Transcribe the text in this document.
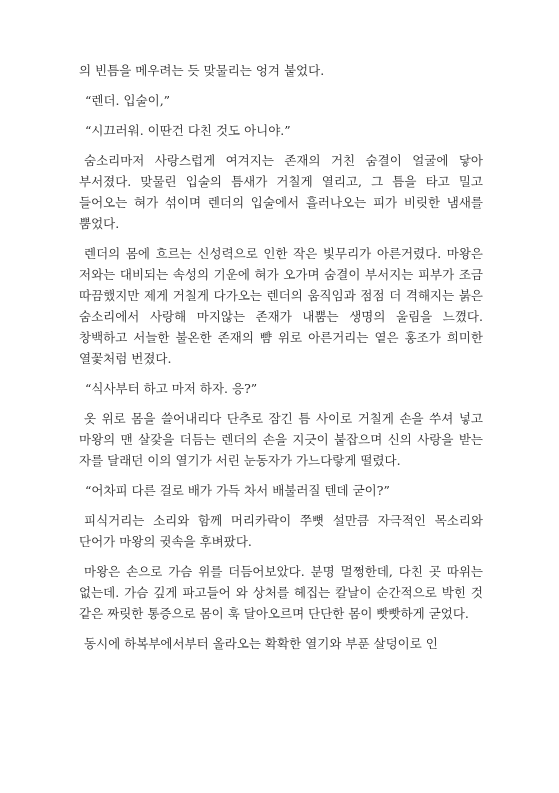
의 빈틈을 메우려는 듯 맞물리는 엉겨 붙었다.

“렌더. 입술이,”

“시끄러워. 이딴건 다친 것도 아니야.”

숨소리마저 사랑스럽게 여겨지는 존재의 거친 숨결이 얼굴에 닿아 부서졌다. 맞물린 입술의 틈새가 거칠게 열리고, 그 틈을 타고 밀고 들어오는 혀가 섞이며 렌더의 입술에서 흘러나오는 피가 비릿한 냄새를 뿜었다.

렌더의 몸에 흐르는 신성력으로 인한 작은 빛무리가 아른거렸다. 마왕은 저와는 대비되는 속성의 기운에 혀가 오가며 숨결이 부서지는 피부가 조금 따끔했지만 제게 거칠게 다가오는 렌더의 움직임과 점점 더 격해지는 붉은 숨소리에서 사랑해 마지않는 존재가 내뿜는 생명의 울림을 느꼈다. 창백하고 서늘한 불온한 존재의 뺨 위로 아른거리는 옅은 홍조가 희미한 열꽃처럼 번졌다.

“식사부터 하고 마저 하자. 응?”

옷 위로 몸을 쓸어내리다 단추로 잠긴 틈 사이로 거칠게 손을 쑤셔 넣고 마왕의 맨 살갗을 더듬는 렌더의 손을 지긋이 붙잡으며 신의 사랑을 받는 자를 달래던 이의 열기가 서린 눈동자가 가느다랗게 떨렸다.

“어차피 다른 걸로 배가 가득 차서 배불러질 텐데 굳이?”

피식거리는 소리와 함께 머리카락이 쭈뼛 설만큼 자극적인 목소리와 단어가 마왕의 귓속을 후벼팠다.

마왕은 손으로 가슴 위를 더듬어보았다. 분명 멀쩡한데, 다친 곳 따위는 없는데. 가슴 깊게 파고들어 와 상처를 헤집는 칼날이 순간적으로 박힌 것 같은 짜릿한 통증으로 몸이 훅 달아오르며 단단한 몸이 빳빳하게 굳었다.

동시에 하복부에서부터 올라오는 확확한 열기와 부푼 살덩이로 인
